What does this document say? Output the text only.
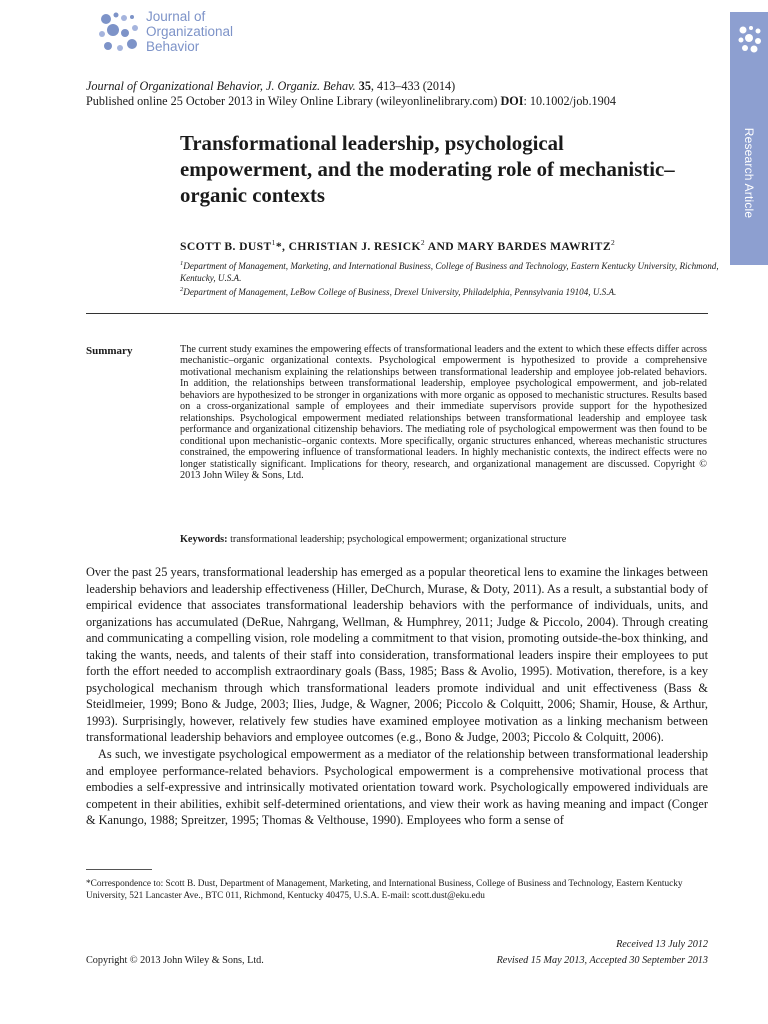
Journal of
Organizational
Behavior
Research Article
Journal of Organizational Behavior, J. Organiz. Behav. 35, 413–433 (2014)
Published online 25 October 2013 in Wiley Online Library (wileyonlinelibrary.com) DOI: 10.1002/job.1904
Transformational leadership, psychological empowerment, and the moderating role of mechanistic–organic contexts
SCOTT B. DUST$^1$*, CHRISTIAN J. RESICK$^2$ AND MARY BARDES MAWRITZ$^2$
$^1$Department of Management, Marketing, and International Business, College of Business and Technology, Eastern Kentucky University, Richmond, Kentucky, U.S.A.
$^2$Department of Management, LeBow College of Business, Drexel University, Philadelphia, Pennsylvania 19104, U.S.A.
Summary	The current study examines the empowering effects of transformational leaders and the extent to which these effects differ across mechanistic–organic organizational contexts. Psychological empowerment is hypothesized to provide a comprehensive motivational mechanism explaining the relationships between transformational leadership and employee job-related behaviors. In addition, the relationships between transformational leadership, employee psychological empowerment, and job-related behaviors are hypothesized to be stronger in organizations with more organic as opposed to mechanistic structures. Results based on a cross-organizational sample of employees and their immediate supervisors provide support for the hypothesized relationships. Psychological empowerment mediated relationships between transformational leadership and employee task performance and organizational citizenship behaviors. The mediating role of psychological empowerment was then found to be conditional upon mechanistic–organic contexts. More specifically, organic structures enhanced, whereas mechanistic structures constrained, the empowering influence of transformational leaders. In highly mechanistic contexts, the indirect effects were no longer statistically significant. Implications for theory, research, and organizational management are discussed. Copyright © 2013 John Wiley & Sons, Ltd.
Keywords: transformational leadership; psychological empowerment; organizational structure

Over the past 25 years, transformational leadership has emerged as a popular theoretical lens to examine the linkages between leadership behaviors and leadership effectiveness (Hiller, DeChurch, Murase, & Doty, 2011). As a result, a substantial body of empirical evidence that associates transformational leadership behaviors with the performance of individuals, units, and organizations has accumulated (DeRue, Nahrgang, Wellman, & Humphrey, 2011; Judge & Piccolo, 2004). Through creating and communicating a compelling vision, role modeling a commitment to that vision, promoting outside-the-box thinking, and taking the wants, needs, and talents of their staff into consideration, transformational leaders inspire their employees to put forth the effort needed to accomplish extraordinary goals (Bass, 1985; Bass & Avolio, 1995). Motivation, therefore, is a key psychological mechanism through which transformational leaders promote individual and unit effectiveness (Bass & Steidlmeier, 1999; Bono & Judge, 2003; Ilies, Judge, & Wagner, 2006; Piccolo & Colquitt, 2006; Shamir, House, & Arthur, 1993). Surprisingly, however, relatively few studies have examined employee motivation as a linking mechanism between transformational leadership behaviors and employee outcomes (e.g., Bono & Judge, 2003; Piccolo & Colquitt, 2006).

As such, we investigate psychological empowerment as a mediator of the relationship between transformational leadership and employee performance-related behaviors. Psychological empowerment is a comprehensive motivational process that embodies a self-expressive and intrinsically motivated orientation toward work. Psychologically empowered individuals are competent in their abilities, exhibit self-determined orientations, and view their work as having meaning and impact (Conger & Kanungo, 1988; Spreitzer, 1995; Thomas & Velthouse, 1990). Employees who form a sense of

*Correspondence to: Scott B. Dust, Department of Management, Marketing, and International Business, College of Business and Technology, Eastern Kentucky University, 521 Lancaster Ave., BTC 011, Richmond, Kentucky 40475, U.S.A. E-mail: scott.dust@eku.edu
Copyright © 2013 John Wiley & Sons, Ltd.
Received 13 July 2012
Revised 15 May 2013, Accepted 30 September 2013
